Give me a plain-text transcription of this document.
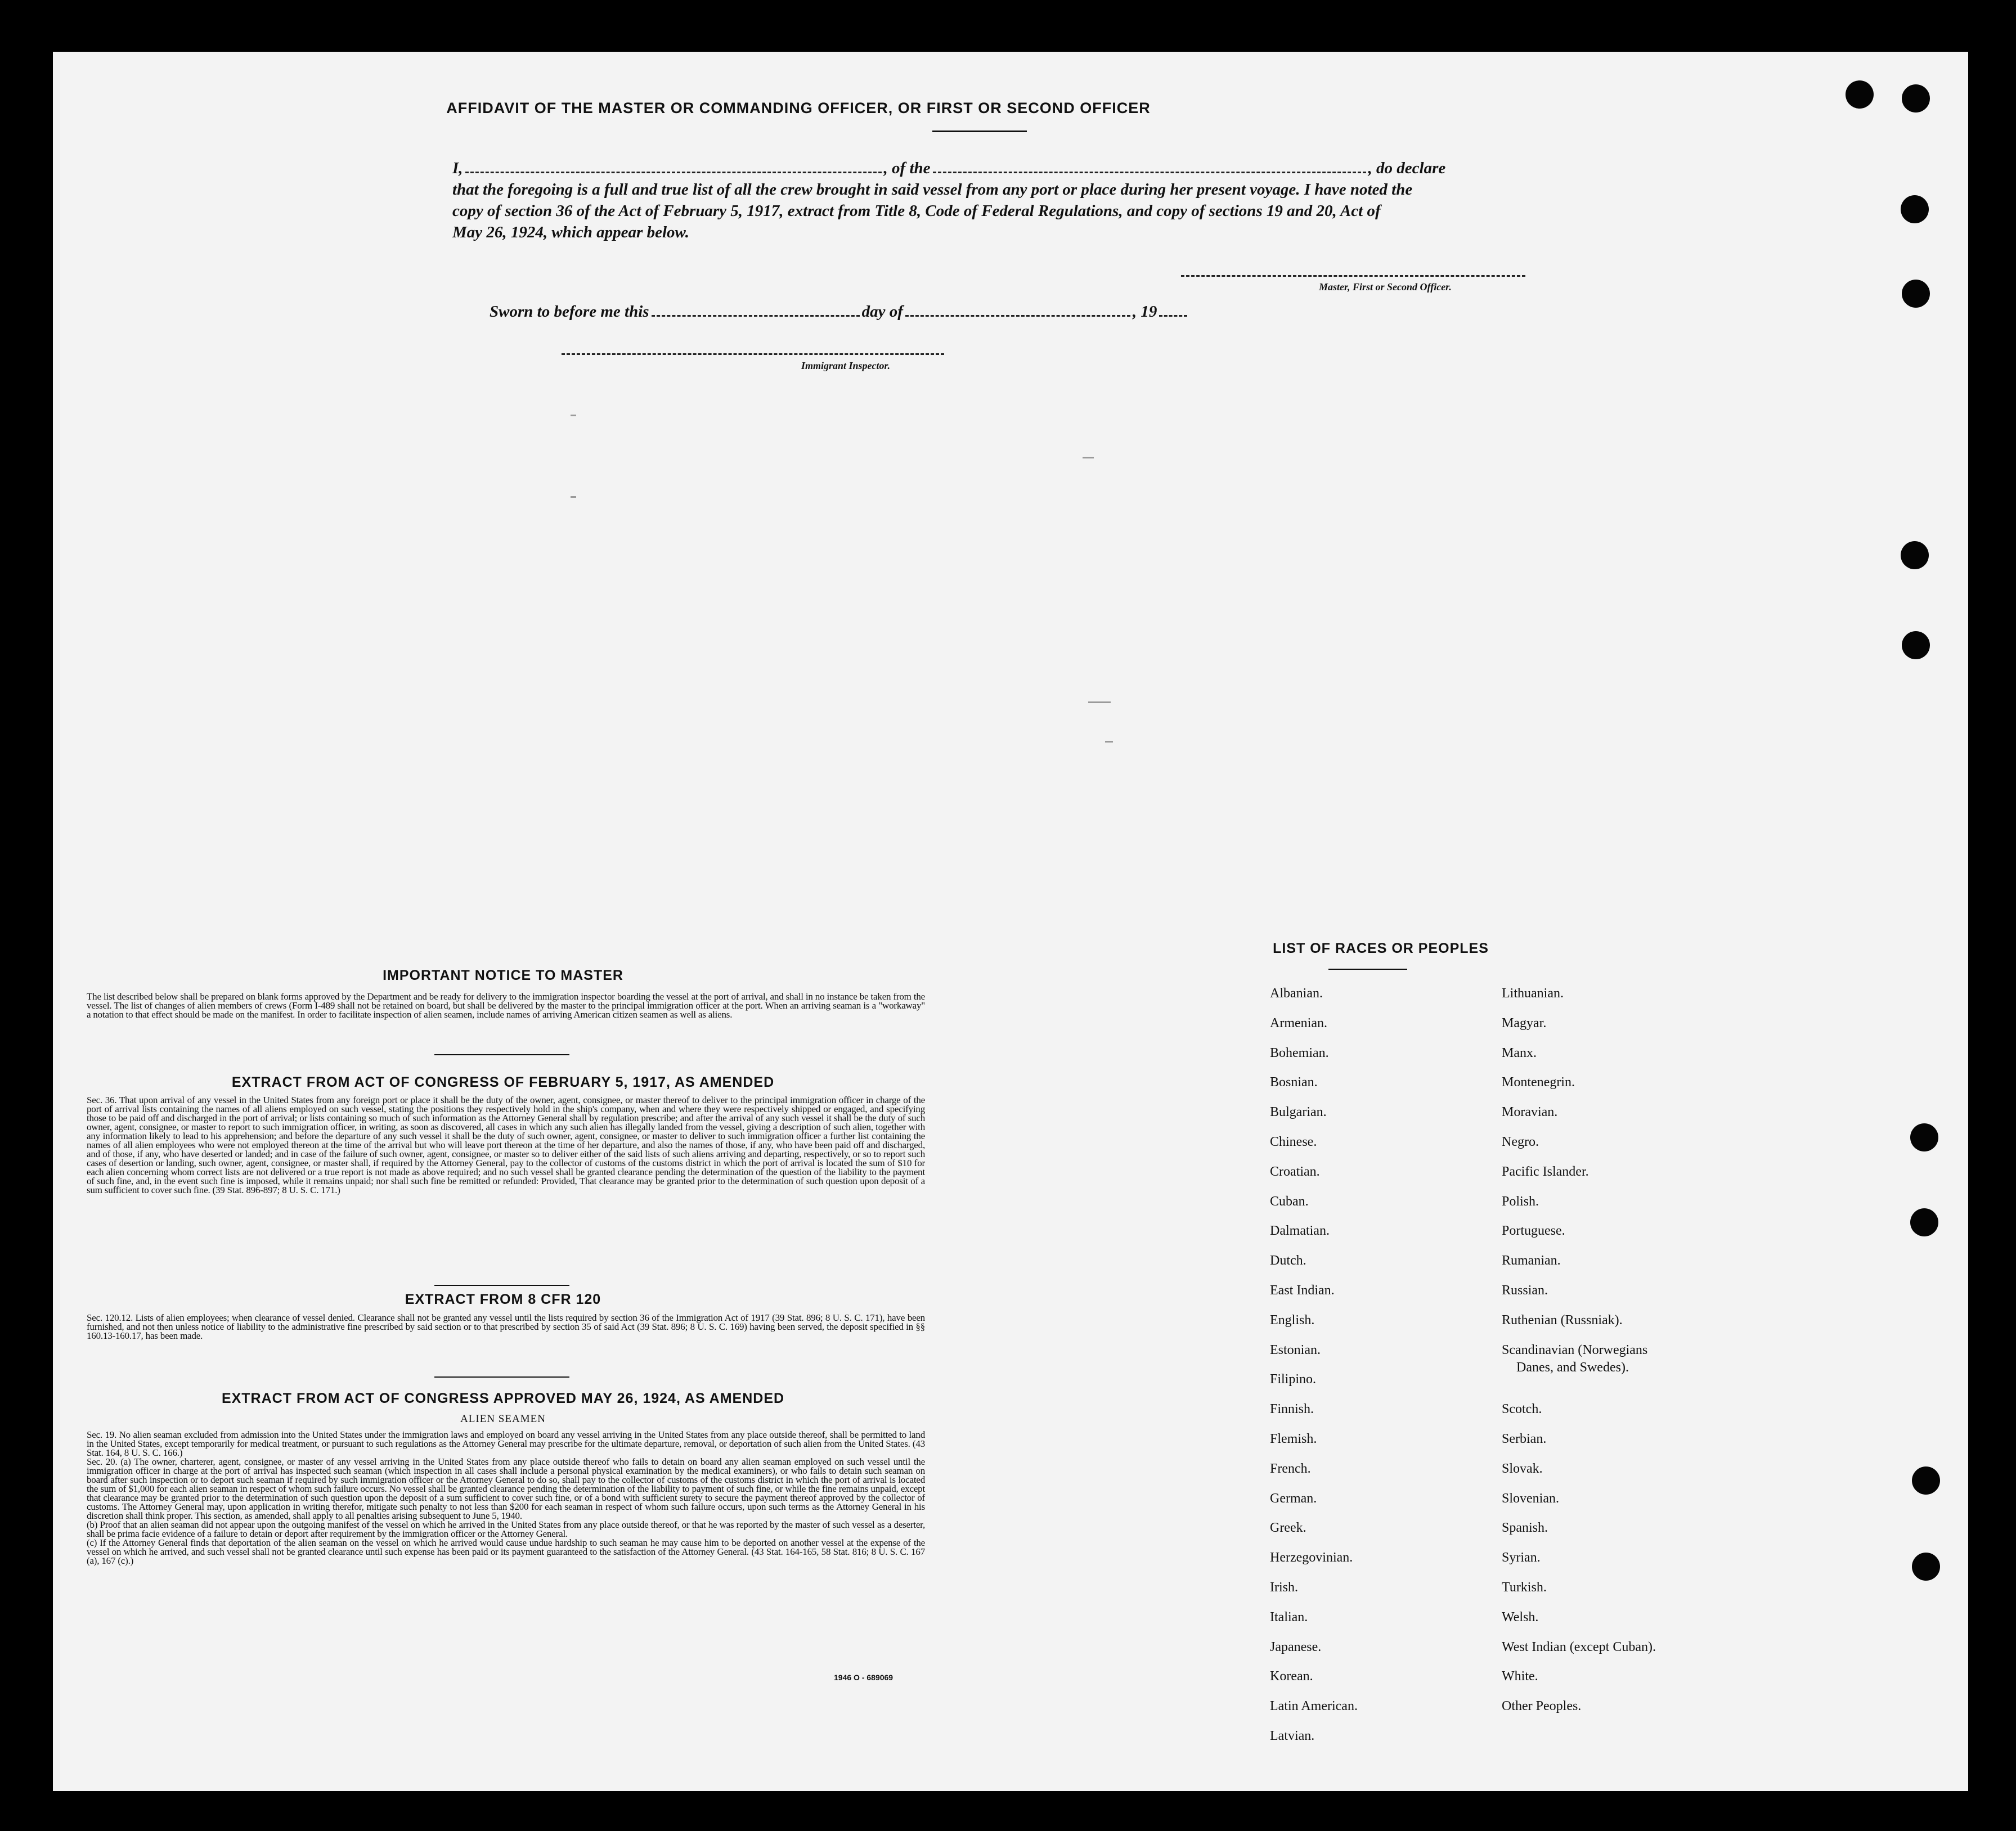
AFFIDAVIT OF THE MASTER OR COMMANDING OFFICER, OR FIRST OR SECOND OFFICER
I,	, of the	, do declare
that the foregoing is a full and true list of all the crew brought in said vessel from any port or place during her present voyage. I have noted the
copy of section 36 of the Act of February 5, 1917, extract from Title 8, Code of Federal Regulations, and copy of sections 19 and 20, Act of
May 26, 1924, which appear below.
Master, First or Second Officer.
Sworn to before me this	day of	, 19
Immigrant Inspector.
IMPORTANT NOTICE TO MASTER
The list described below shall be prepared on blank forms approved by the Department and be ready for delivery to the immigration inspector boarding the vessel at the port of arrival, and shall in no instance be taken from the vessel. The list of changes of alien members of crews (Form I-489 shall not be retained on board, but shall be delivered by the master to the principal immigration officer at the port. When an arriving seaman is a "workaway" a notation to that effect should be made on the manifest. In order to facilitate inspection of alien seamen, include names of arriving American citizen seamen as well as aliens.
EXTRACT FROM ACT OF CONGRESS OF FEBRUARY 5, 1917, AS AMENDED
Sec. 36. That upon arrival of any vessel in the United States from any foreign port or place it shall be the duty of the owner, agent, consignee, or master thereof to deliver to the principal immigration officer in charge of the port of arrival lists containing the names of all aliens employed on such vessel, stating the positions they respectively hold in the ship's company, when and where they were respectively shipped or engaged, and specifying those to be paid off and discharged in the port of arrival; or lists containing so much of such information as the Attorney General shall by regulation prescribe; and after the arrival of any such vessel it shall be the duty of such owner, agent, consignee, or master to report to such immigration officer, in writing, as soon as discovered, all cases in which any such alien has illegally landed from the vessel, giving a description of such alien, together with any information likely to lead to his apprehension; and before the departure of any such vessel it shall be the duty of such owner, agent, consignee, or master to deliver to such immigration officer a further list containing the names of all alien employees who were not employed thereon at the time of the arrival but who will leave port thereon at the time of her departure, and also the names of those, if any, who have been paid off and discharged, and of those, if any, who have deserted or landed; and in case of the failure of such owner, agent, consignee, or master so to deliver either of the said lists of such aliens arriving and departing, respectively, or so to report such cases of desertion or landing, such owner, agent, consignee, or master shall, if required by the Attorney General, pay to the collector of customs of the customs district in which the port of arrival is located the sum of $10 for each alien concerning whom correct lists are not delivered or a true report is not made as above required; and no such vessel shall be granted clearance pending the determination of the question of the liability to the payment of such fine, and, in the event such fine is imposed, while it remains unpaid; nor shall such fine be remitted or refunded: Provided, That clearance may be granted prior to the determination of such question upon deposit of a sum sufficient to cover such fine. (39 Stat. 896-897; 8 U. S. C. 171.)
EXTRACT FROM 8 CFR 120
Sec. 120.12. Lists of alien employees; when clearance of vessel denied. Clearance shall not be granted any vessel until the lists required by section 36 of the Immigration Act of 1917 (39 Stat. 896; 8 U. S. C. 171), have been furnished, and not then unless notice of liability to the administrative fine prescribed by said section or to that prescribed by section 35 of said Act (39 Stat. 896; 8 U. S. C. 169) having been served, the deposit specified in §§ 160.13-160.17, has been made.
EXTRACT FROM ACT OF CONGRESS APPROVED MAY 26, 1924, AS AMENDED
ALIEN SEAMEN
Sec. 19. No alien seaman excluded from admission into the United States under the immigration laws and employed on board any vessel arriving in the United States from any place outside thereof, shall be permitted to land in the United States, except temporarily for medical treatment, or pursuant to such regulations as the Attorney General may prescribe for the ultimate departure, removal, or deportation of such alien from the United States. (43 Stat. 164, 8 U. S. C. 166.)
Sec. 20. (a) The owner, charterer, agent, consignee, or master of any vessel arriving in the United States from any place outside thereof who fails to detain on board any alien seaman employed on such vessel until the immigration officer in charge at the port of arrival has inspected such seaman (which inspection in all cases shall include a personal physical examination by the medical examiners), or who fails to detain such seaman on board after such inspection or to deport such seaman if required by such immigration officer or the Attorney General to do so, shall pay to the collector of customs of the customs district in which the port of arrival is located the sum of $1,000 for each alien seaman in respect of whom such failure occurs. No vessel shall be granted clearance pending the determination of the liability to payment of such fine, or while the fine remains unpaid, except that clearance may be granted prior to the determination of such question upon the deposit of a sum sufficient to cover such fine, or of a bond with sufficient surety to secure the payment thereof approved by the collector of customs. The Attorney General may, upon application in writing therefor, mitigate such penalty to not less than $200 for each seaman in respect of whom such failure occurs, upon such terms as the Attorney General in his discretion shall think proper. This section, as amended, shall apply to all penalties arising subsequent to June 5, 1940.
(b) Proof that an alien seaman did not appear upon the outgoing manifest of the vessel on which he arrived in the United States from any place outside thereof, or that he was reported by the master of such vessel as a deserter, shall be prima facie evidence of a failure to detain or deport after requirement by the immigration officer or the Attorney General.
(c) If the Attorney General finds that deportation of the alien seaman on the vessel on which he arrived would cause undue hardship to such seaman he may cause him to be deported on another vessel at the expense of the vessel on which he arrived, and such vessel shall not be granted clearance until such expense has been paid or its payment guaranteed to the satisfaction of the Attorney General. (43 Stat. 164-165, 58 Stat. 816; 8 U. S. C. 167 (a), 167 (c).)
1946 O - 689069
LIST OF RACES OR PEOPLES
Albanian.
Armenian.
Bohemian.
Bosnian.
Bulgarian.
Chinese.
Croatian.
Cuban.
Dalmatian.
Dutch.
East Indian.
English.
Estonian.
Filipino.
Finnish.
Flemish.
French.
German.
Greek.
Herzegovinian.
Irish.
Italian.
Japanese.
Korean.
Latin American.
Latvian.
Lithuanian.
Magyar.
Manx.
Montenegrin.
Moravian.
Negro.
Pacific Islander.
Polish.
Portuguese.
Rumanian.
Russian.
Ruthenian (Russniak).
Scandinavian (Norwegians
Danes, and Swedes).
Scotch.
Serbian.
Slovak.
Slovenian.
Spanish.
Syrian.
Turkish.
Welsh.
West Indian (except Cuban).
White.
Other Peoples.
